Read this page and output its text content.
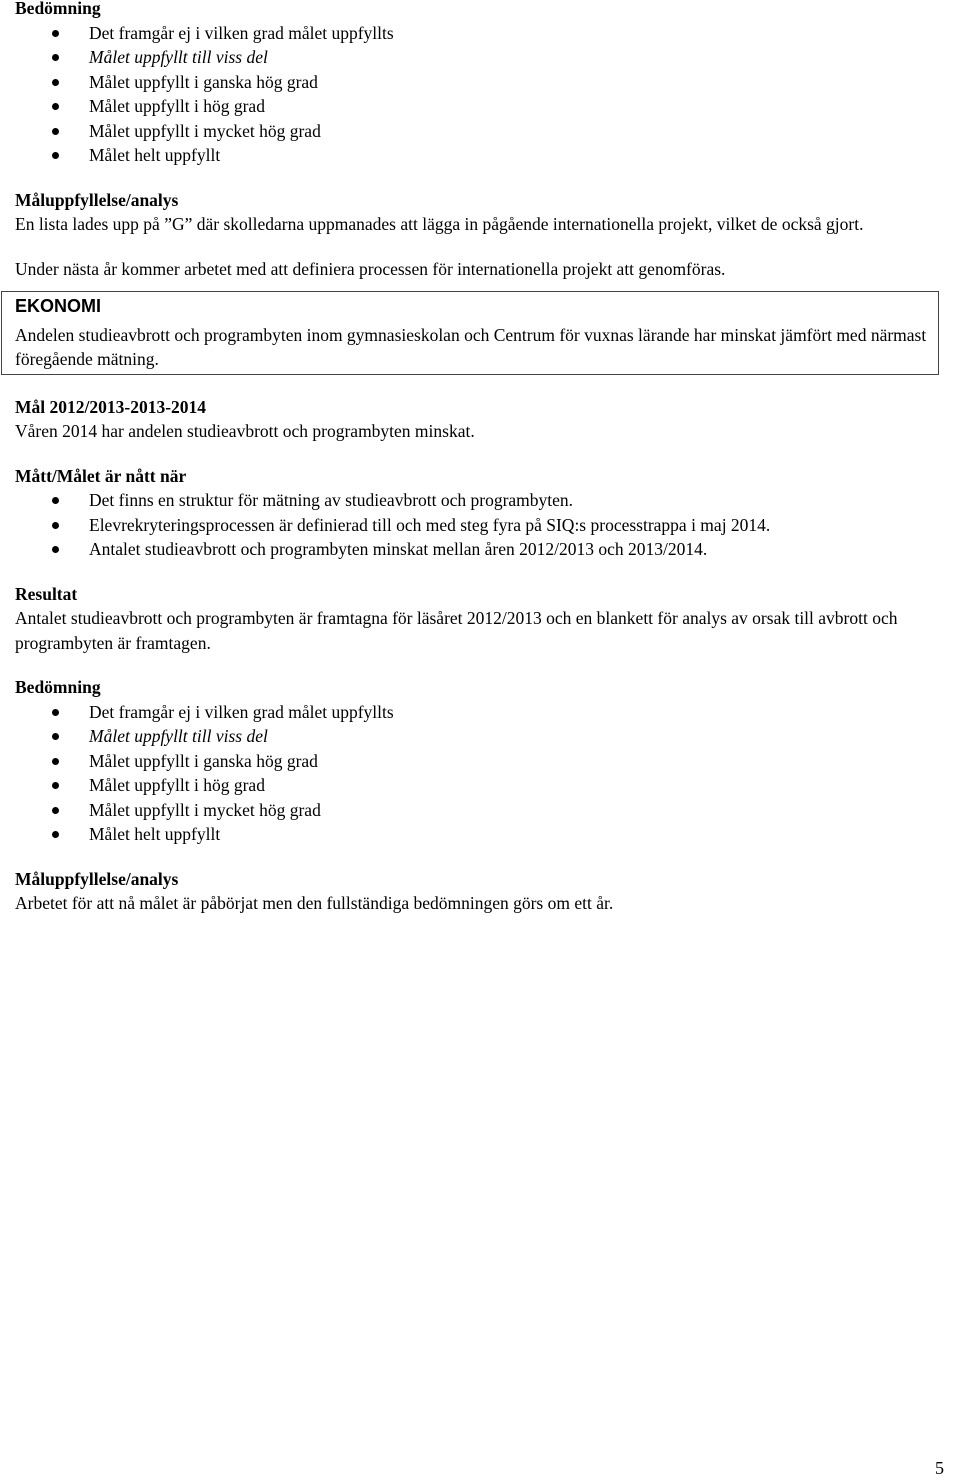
Bedömning
Det framgår ej i vilken grad målet uppfyllts
Målet uppfyllt till viss del
Målet uppfyllt i ganska hög grad
Målet uppfyllt i hög grad
Målet uppfyllt i mycket hög grad
Målet helt uppfyllt
Måluppfyllelse/analys
En lista lades upp på ”G” där skolledarna uppmanades att lägga in pågående internationella projekt, vilket de också gjort.
Under nästa år kommer arbetet med att definiera processen för internationella projekt att genomföras.
EKONOMI
Andelen studieavbrott och programbyten inom gymnasieskolan och Centrum för vuxnas lärande har minskat jämfört med närmast föregående mätning.
Mål 2012/2013-2013-2014
Våren 2014 har andelen studieavbrott och programbyten minskat.
Mått/Målet är nått när
Det finns en struktur för mätning av studieavbrott och programbyten.
Elevrekryteringsprocessen är definierad till och med steg fyra på SIQ:s processtrappa i maj 2014.
Antalet studieavbrott och programbyten minskat mellan åren 2012/2013 och 2013/2014.
Resultat
Antalet studieavbrott och programbyten är framtagna för läsåret 2012/2013 och en blankett för analys av orsak till avbrott och programbyten är framtagen.
Bedömning
Det framgår ej i vilken grad målet uppfyllts
Målet uppfyllt till viss del
Målet uppfyllt i ganska hög grad
Målet uppfyllt i hög grad
Målet uppfyllt i mycket hög grad
Målet helt uppfyllt
Måluppfyllelse/analys
Arbetet för att nå målet är påbörjat men den fullständiga bedömningen görs om ett år.
5
